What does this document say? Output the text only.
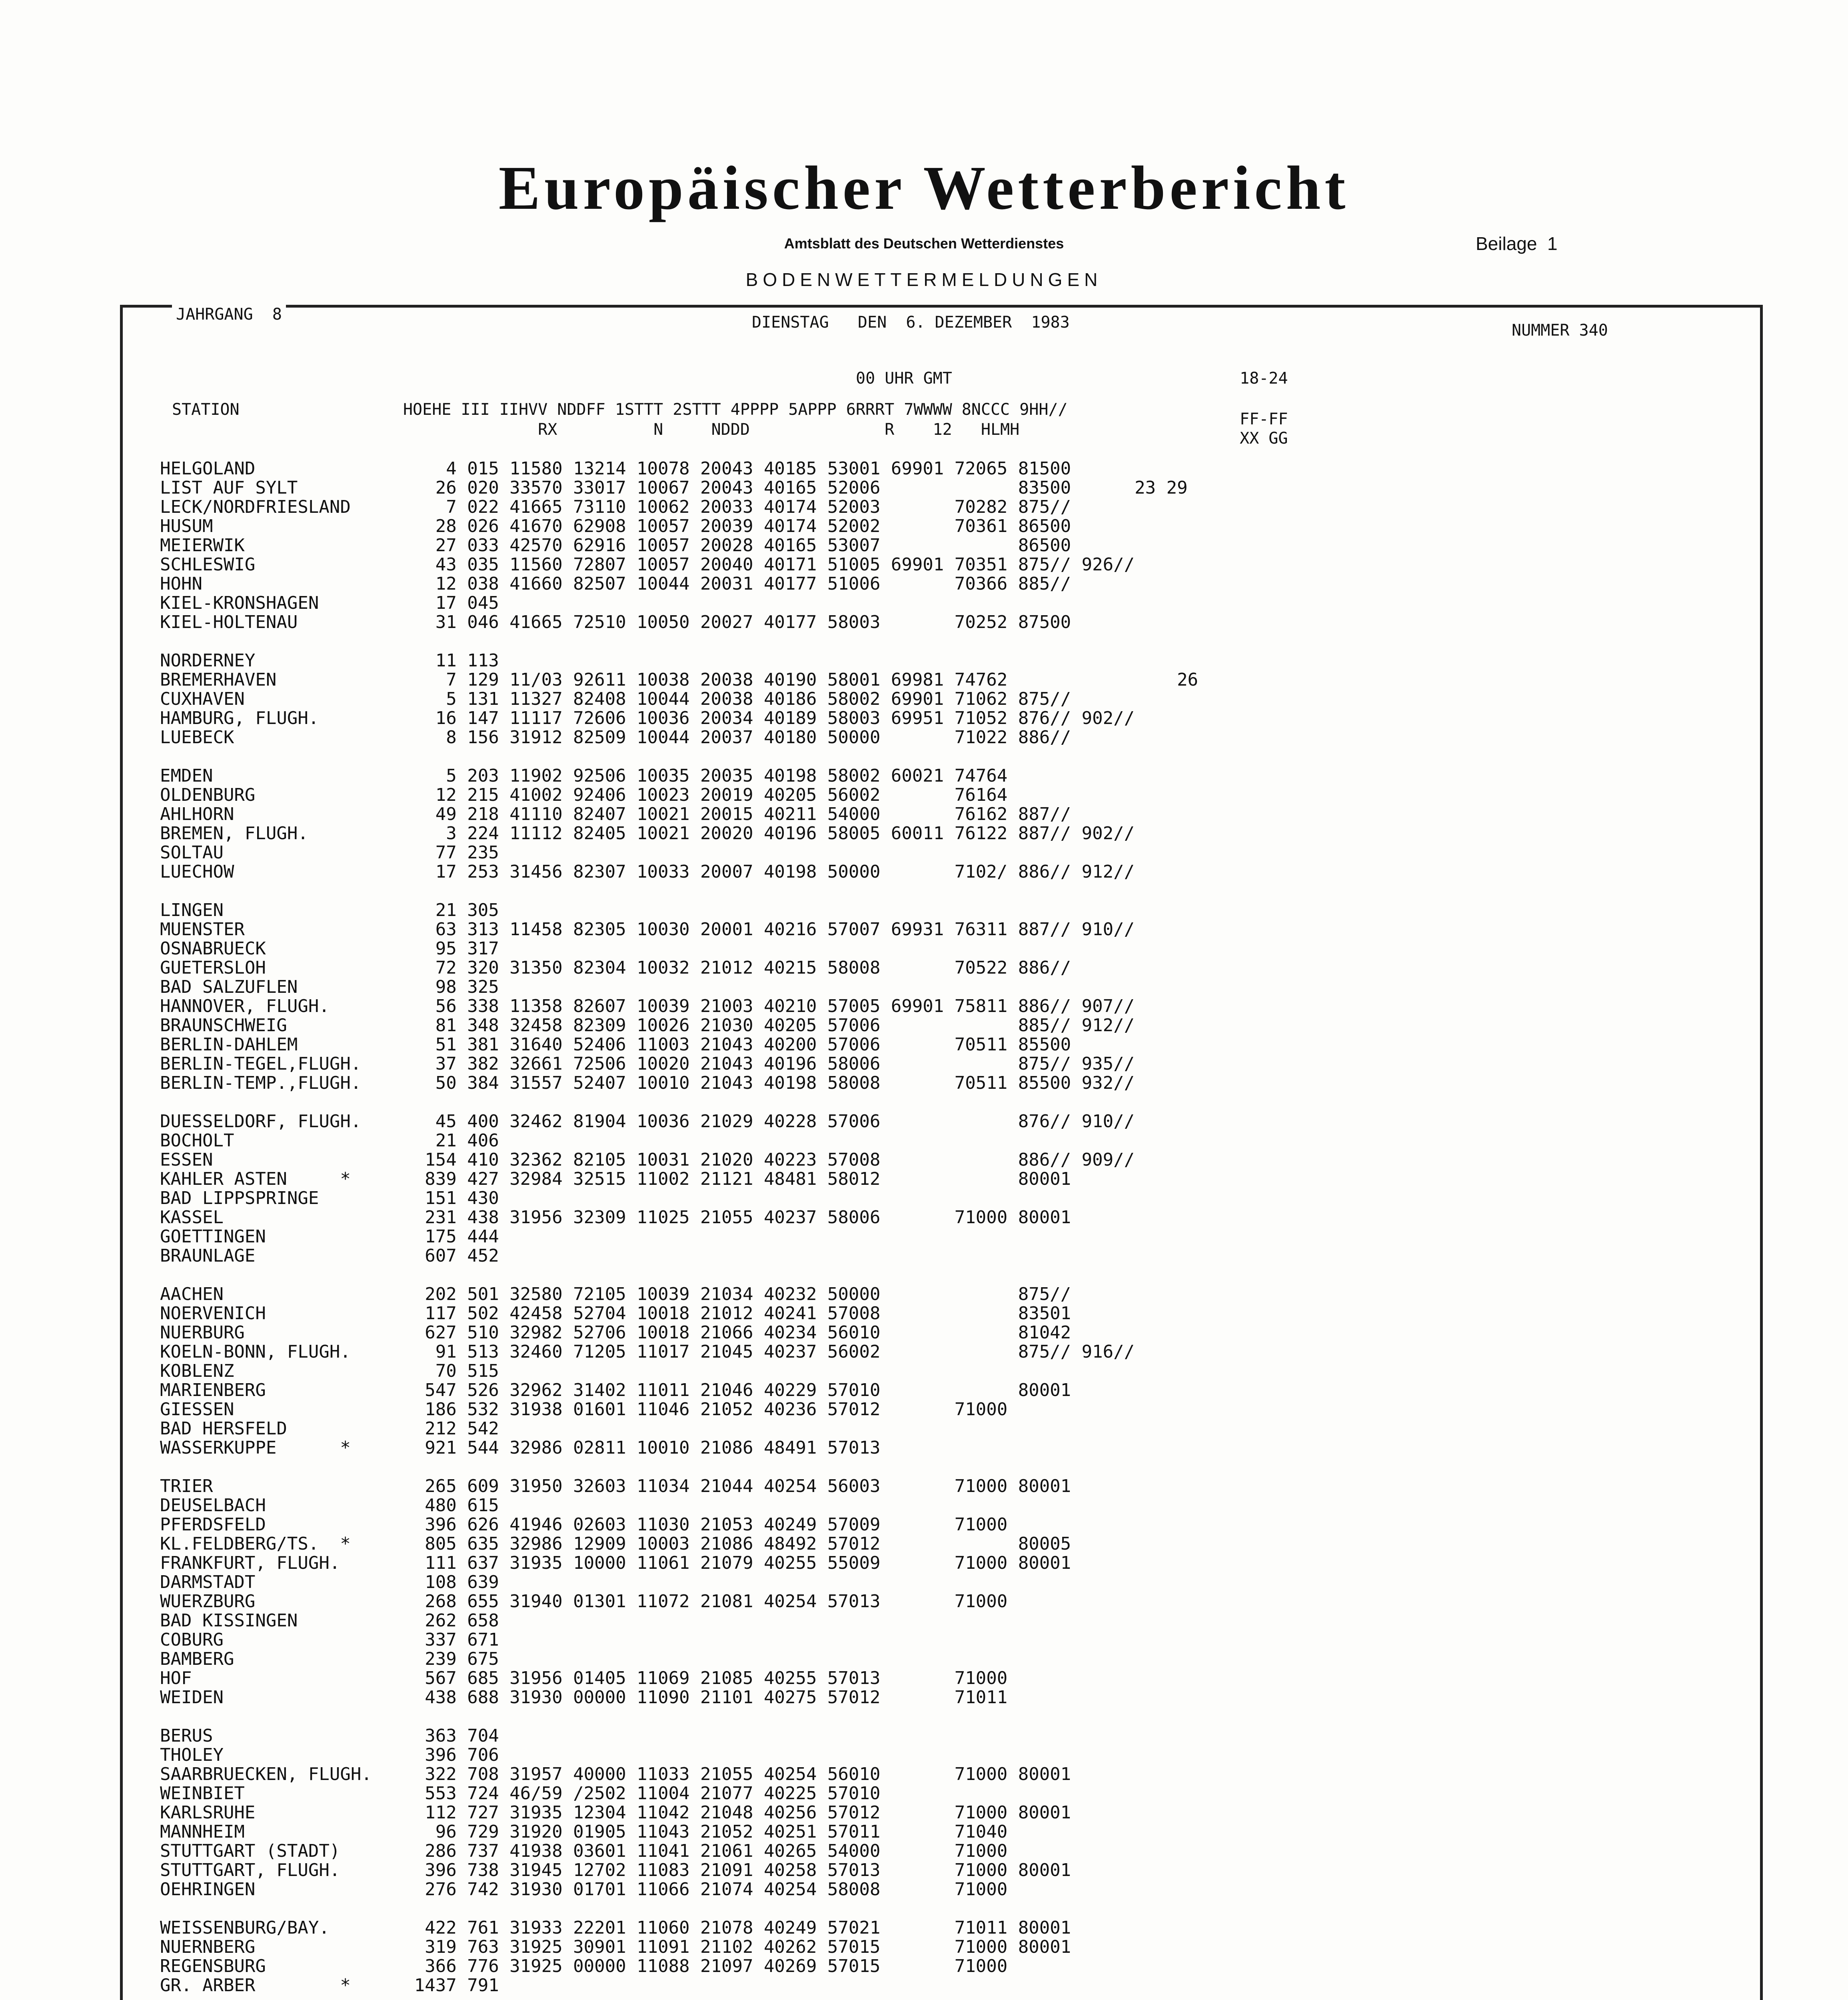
Europäischer Wetterbericht
Amtsblatt des Deutschen Wetterdienstes	Beilage  1
BODENWETTERMELDUNGEN
JAHRGANG  8	DIENSTAG   DEN  6. DEZEMBER  1983	NUMMER 340
00 UHR GMT	18-24
STATION                 HOEHE III IIHVV NDDFF 1STTT 2STTT 4PPPP 5APPP 6RRRT 7WWWW 8NCCC 9HH//
RX          N     NDDD              R    12   HLMH
FF-FF
XX GG
HELGOLAND                  4 015 11580 13214 10078 20043 40185 53001 69901 72065 81500
LIST AUF SYLT             26 020 33570 33017 10067 20043 40165 52006             83500      23 29
LECK/NORDFRIESLAND         7 022 41665 73110 10062 20033 40174 52003       70282 875//
HUSUM                     28 026 41670 62908 10057 20039 40174 52002       70361 86500
MEIERWIK                  27 033 42570 62916 10057 20028 40165 53007             86500
SCHLESWIG                 43 035 11560 72807 10057 20040 40171 51005 69901 70351 875// 926//
HOHN                      12 038 41660 82507 10044 20031 40177 51006       70366 885//
KIEL-KRONSHAGEN           17 045
KIEL-HOLTENAU             31 046 41665 72510 10050 20027 40177 58003       70252 87500
NORDERNEY                 11 113
BREMERHAVEN                7 129 11/03 92611 10038 20038 40190 58001 69981 74762                26
CUXHAVEN                   5 131 11327 82408 10044 20038 40186 58002 69901 71062 875//
HAMBURG, FLUGH.           16 147 11117 72606 10036 20034 40189 58003 69951 71052 876// 902//
LUEBECK                    8 156 31912 82509 10044 20037 40180 50000       71022 886//
EMDEN                      5 203 11902 92506 10035 20035 40198 58002 60021 74764
OLDENBURG                 12 215 41002 92406 10023 20019 40205 56002       76164
AHLHORN                   49 218 41110 82407 10021 20015 40211 54000       76162 887//
BREMEN, FLUGH.             3 224 11112 82405 10021 20020 40196 58005 60011 76122 887// 902//
SOLTAU                    77 235
LUECHOW                   17 253 31456 82307 10033 20007 40198 50000       7102/ 886// 912//
LINGEN                    21 305
MUENSTER                  63 313 11458 82305 10030 20001 40216 57007 69931 76311 887// 910//
OSNABRUECK                95 317
GUETERSLOH                72 320 31350 82304 10032 21012 40215 58008       70522 886//
BAD SALZUFLEN             98 325
HANNOVER, FLUGH.          56 338 11358 82607 10039 21003 40210 57005 69901 75811 886// 907//
BRAUNSCHWEIG              81 348 32458 82309 10026 21030 40205 57006             885// 912//
BERLIN-DAHLEM             51 381 31640 52406 11003 21043 40200 57006       70511 85500
BERLIN-TEGEL,FLUGH.       37 382 32661 72506 10020 21043 40196 58006             875// 935//
BERLIN-TEMP.,FLUGH.       50 384 31557 52407 10010 21043 40198 58008       70511 85500 932//
DUESSELDORF, FLUGH.       45 400 32462 81904 10036 21029 40228 57006             876// 910//
BOCHOLT                   21 406
ESSEN                    154 410 32362 82105 10031 21020 40223 57008             886// 909//
KAHLER ASTEN     *       839 427 32984 32515 11002 21121 48481 58012             80001
BAD LIPPSPRINGE          151 430
KASSEL                   231 438 31956 32309 11025 21055 40237 58006       71000 80001
GOETTINGEN               175 444
BRAUNLAGE                607 452
AACHEN                   202 501 32580 72105 10039 21034 40232 50000             875//
NOERVENICH               117 502 42458 52704 10018 21012 40241 57008             83501
NUERBURG                 627 510 32982 52706 10018 21066 40234 56010             81042
KOELN-BONN, FLUGH.        91 513 32460 71205 11017 21045 40237 56002             875// 916//
KOBLENZ                   70 515
MARIENBERG               547 526 32962 31402 11011 21046 40229 57010             80001
GIESSEN                  186 532 31938 01601 11046 21052 40236 57012       71000
BAD HERSFELD             212 542
WASSERKUPPE      *       921 544 32986 02811 10010 21086 48491 57013
TRIER                    265 609 31950 32603 11034 21044 40254 56003       71000 80001
DEUSELBACH               480 615
PFERDSFELD               396 626 41946 02603 11030 21053 40249 57009       71000
KL.FELDBERG/TS.  *       805 635 32986 12909 10003 21086 48492 57012             80005
FRANKFURT, FLUGH.        111 637 31935 10000 11061 21079 40255 55009       71000 80001
DARMSTADT                108 639
WUERZBURG                268 655 31940 01301 11072 21081 40254 57013       71000
BAD KISSINGEN            262 658
COBURG                   337 671
BAMBERG                  239 675
HOF                      567 685 31956 01405 11069 21085 40255 57013       71000
WEIDEN                   438 688 31930 00000 11090 21101 40275 57012       71011
BERUS                    363 704
THOLEY                   396 706
SAARBRUECKEN, FLUGH.     322 708 31957 40000 11033 21055 40254 56010       71000 80001
WEINBIET                 553 724 46/59 /2502 11004 21077 40225 57010
KARLSRUHE                112 727 31935 12304 11042 21048 40256 57012       71000 80001
MANNHEIM                  96 729 31920 01905 11043 21052 40251 57011       71040
STUTTGART (STADT)        286 737 41938 03601 11041 21061 40265 54000       71000
STUTTGART, FLUGH.        396 738 31945 12702 11083 21091 40258 57013       71000 80001
OEHRINGEN                276 742 31930 01701 11066 21074 40254 58008       71000
WEISSENBURG/BAY.         422 761 31933 22201 11060 21078 40249 57021       71011 80001
NUERNBERG                319 763 31925 30901 11091 21102 40262 57015       71000 80001
REGENSBURG               366 776 31925 00000 11088 21097 40269 57015       71000
GR. ARBER        *      1437 791
